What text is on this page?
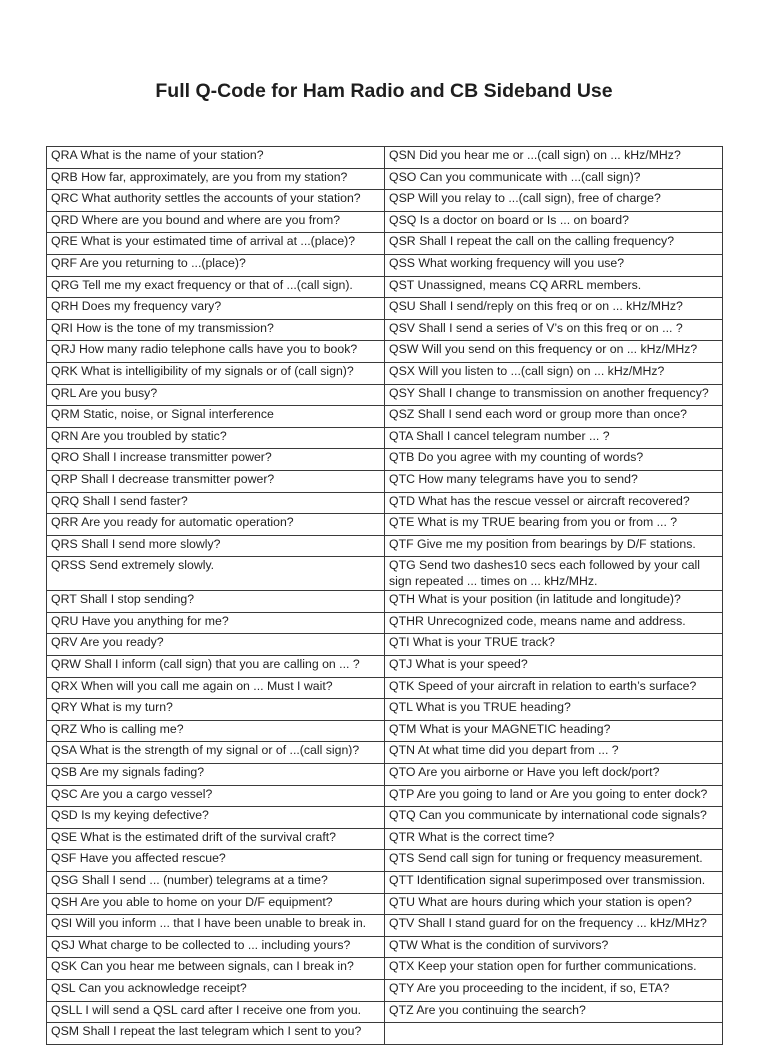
Full Q-Code for Ham Radio and CB Sideband Use
QRA What is the name of your station?	QSN Did you hear me or ...(call sign) on ... kHz/MHz?
QRB How far, approximately, are you from my station?	QSO Can you communicate with ...(call sign)?
QRC What authority settles the accounts of your station?	QSP Will you relay to ...(call sign), free of charge?
QRD Where are you bound and where are you from?	QSQ Is a doctor on board or Is ... on board?
QRE What is your estimated time of arrival at ...(place)?	QSR Shall I repeat the call on the calling frequency?
QRF Are you returning to ...(place)?	QSS What working frequency will you use?
QRG Tell me my exact frequency or that of ...(call sign).	QST Unassigned, means CQ ARRL members.
QRH Does my frequency vary?	QSU Shall I send/reply on this freq or on ... kHz/MHz?
QRI How is the tone of my transmission?	QSV Shall I send a series of V’s on this freq or on ... ?
QRJ How many radio telephone calls have you to book?	QSW Will you send on this frequency or on ... kHz/MHz?
QRK What is intelligibility of my signals or of (call sign)?	QSX Will you listen to ...(call sign) on ... kHz/MHz?
QRL Are you busy?	QSY Shall I change to transmission on another frequency?
QRM Static, noise, or Signal interference	QSZ Shall I send each word or group more than once?
QRN Are you troubled by static?	QTA Shall I cancel telegram number ... ?
QRO Shall I increase transmitter power?	QTB Do you agree with my counting of words?
QRP Shall I decrease transmitter power?	QTC How many telegrams have you to send?
QRQ Shall I send faster?	QTD What has the rescue vessel or aircraft recovered?
QRR Are you ready for automatic operation?	QTE What is my TRUE bearing from you or from ... ?
QRS Shall I send more slowly?	QTF Give me my position from bearings by D/F stations.
QRSS Send extremely slowly.	QTG Send two dashes10 secs each followed by your call sign repeated ... times on ... kHz/MHz.
QRT Shall I stop sending?	QTH What is your position (in latitude and longitude)?
QRU Have you anything for me?	QTHR Unrecognized code, means name and address.
QRV Are you ready?	QTI What is your TRUE track?
QRW Shall I inform (call sign) that you are calling on ... ?	QTJ What is your speed?
QRX When will you call me again on ... Must I wait?	QTK Speed of your aircraft in relation to earth’s surface?
QRY What is my turn?	QTL What is you TRUE heading?
QRZ Who is calling me?	QTM What is your MAGNETIC heading?
QSA What is the strength of my signal or of ...(call sign)?	QTN At what time did you depart from ... ?
QSB Are my signals fading?	QTO Are you airborne or Have you left dock/port?
QSC Are you a cargo vessel?	QTP Are you going to land or Are you going to enter dock?
QSD Is my keying defective?	QTQ Can you communicate by international code signals?
QSE What is the estimated drift of the survival craft?	QTR What is the correct time?
QSF Have you affected rescue?	QTS Send call sign for tuning or frequency measurement.
QSG Shall I send ... (number) telegrams at a time?	QTT Identification signal superimposed over transmission.
QSH Are you able to home on your D/F equipment?	QTU What are hours during which your station is open?
QSI Will you inform ... that I have been unable to break in.	QTV Shall I stand guard for on the frequency ... kHz/MHz?
QSJ What charge to be collected to ... including yours?	QTW What is the condition of survivors?
QSK Can you hear me between signals, can I break in?	QTX Keep your station open for further communications.
QSL Can you acknowledge receipt?	QTY Are you proceeding to the incident, if so, ETA?
QSLL I will send a QSL card after I receive one from you.	QTZ Are you continuing the search?
QSM Shall I repeat the last telegram which I sent to you?	
